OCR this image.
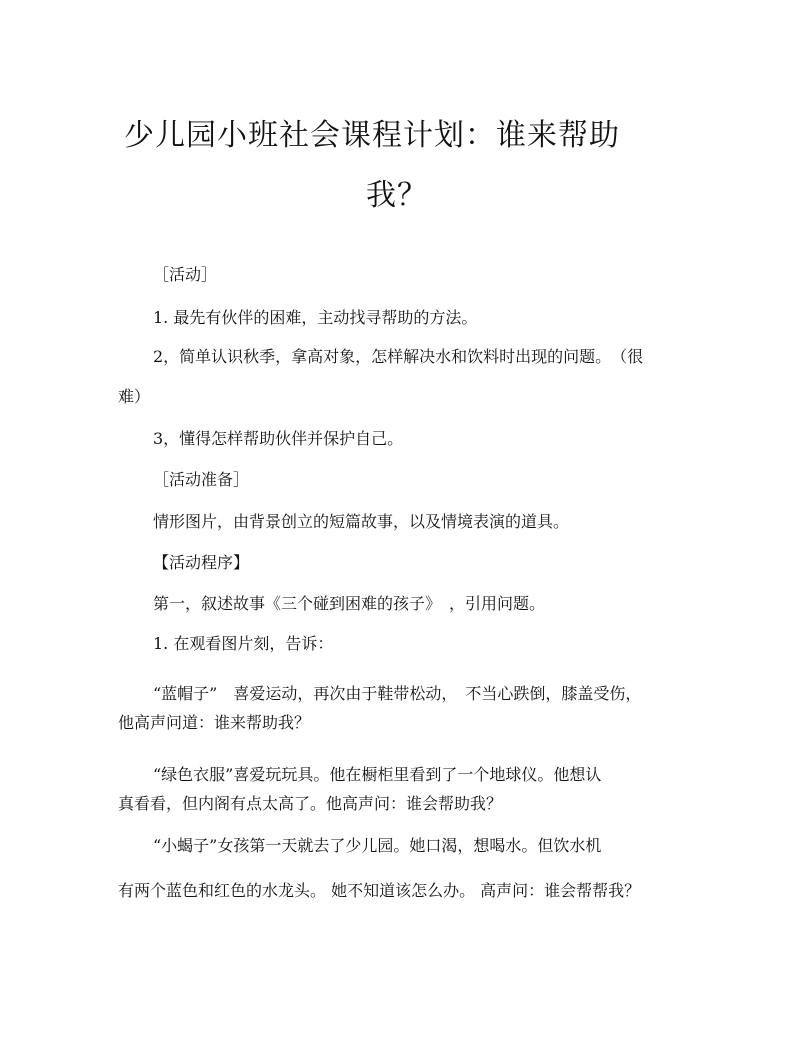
少儿园小班社会课程计划：谁来帮助
我？
［活动］
1. 最先有伙伴的困难，主动找寻帮助的方法。
2，简单认识秋季，拿高对象，怎样解决水和饮料时出现的问题。　（很
难）
3，懂得怎样帮助伙伴并保护自己。
［活动准备］
情形图片，由背景创立的短篇故事，以及情境表演的道具。
【活动程序】
第一，叙述故事《三个碰到困难的孩子》　，引用问题。
1. 在观看图片刻，告诉：
“蓝帽子”　喜爱运动，再次由于鞋带松动，　不当心跌倒，膝盖受伤，
他高声问道：谁来帮助我？
“绿色衣服”喜爱玩玩具。他在橱柜里看到了一个地球仪。他想认
真看看，但内阁有点太高了。他高声问：谁会帮助我？
“小蝎子”女孩第一天就去了少儿园。她口渴，想喝水。但饮水机
有两个蓝色和红色的水龙头。 她不知道该怎么办。 高声问：谁会帮帮我？
